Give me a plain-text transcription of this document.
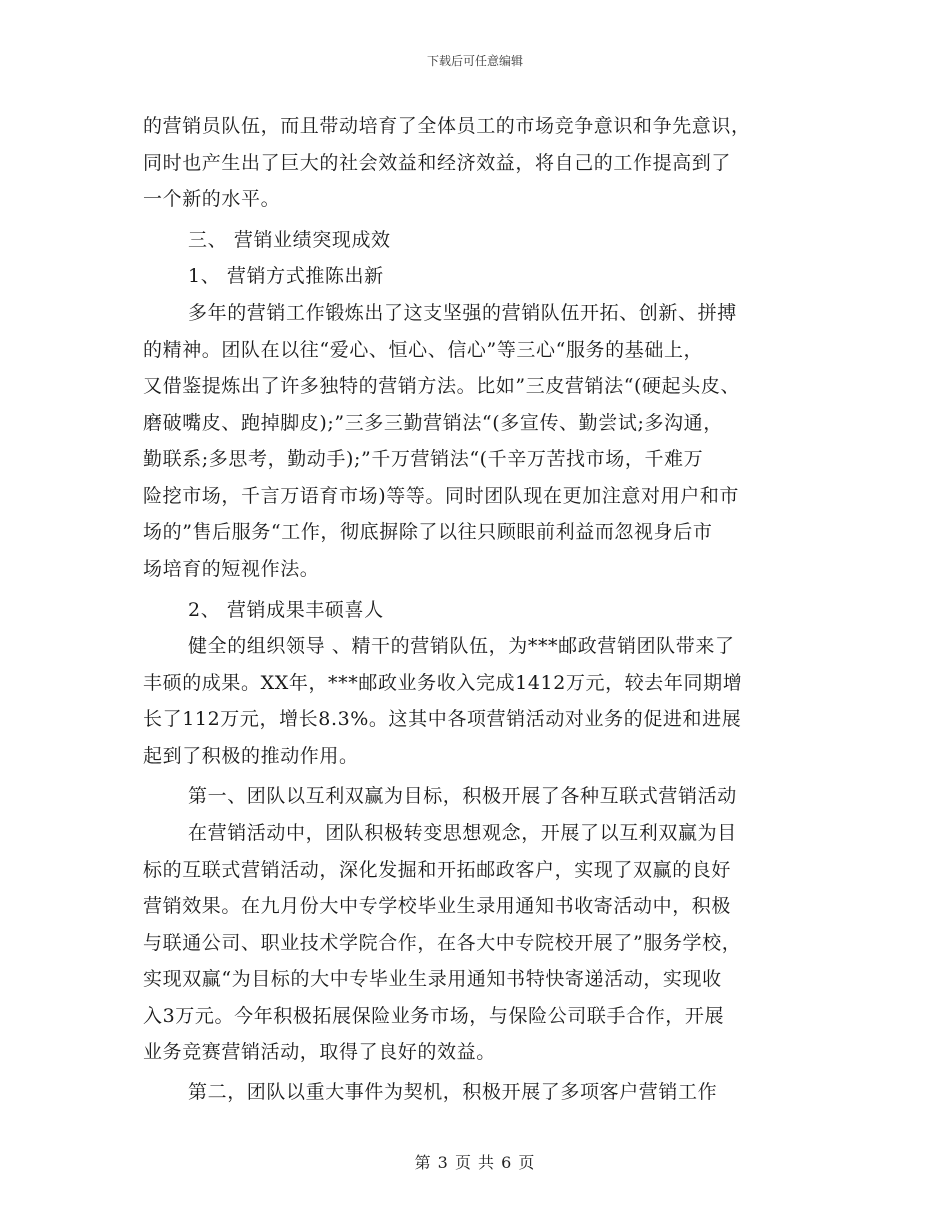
下载后可任意编辑
的营销员队伍，而且带动培育了全体员工的市场竞争意识和争先意识，
同时也产生出了巨大的社会效益和经济效益，将自己的工作提高到了
一个新的水平。
三、 营销业绩突现成效
1、 营销方式推陈出新
多年的营销工作锻炼出了这支坚强的营销队伍开拓、创新、拼搏
的精神。团队在以往“爱心、恒心、信心”等三心“服务的基础上，
又借鉴提炼出了许多独特的营销方法。比如”三皮营销法“(硬起头皮、
磨破嘴皮、跑掉脚皮);”三多三勤营销法“(多宣传、勤尝试;多沟通，
勤联系;多思考，勤动手);”千万营销法“(千辛万苦找市场，千难万
险挖市场，千言万语育市场)等等。同时团队现在更加注意对用户和市
场的”售后服务“工作，彻底摒除了以往只顾眼前利益而忽视身后市
场培育的短视作法。
2、 营销成果丰硕喜人
健全的组织领导 、精干的营销队伍，为***邮政营销团队带来了
丰硕的成果。XX年，***邮政业务收入完成1412万元，较去年同期增
长了112万元，增长8.3%。这其中各项营销活动对业务的促进和进展
起到了积极的推动作用。
第一、团队以互利双赢为目标，积极开展了各种互联式营销活动
在营销活动中，团队积极转变思想观念，开展了以互利双赢为目
标的互联式营销活动，深化发掘和开拓邮政客户，实现了双赢的良好
营销效果。在九月份大中专学校毕业生录用通知书收寄活动中，积极
与联通公司、职业技术学院合作，在各大中专院校开展了”服务学校，
实现双赢“为目标的大中专毕业生录用通知书特快寄递活动，实现收
入3万元。今年积极拓展保险业务市场，与保险公司联手合作，开展
业务竞赛营销活动，取得了良好的效益。
第二，团队以重大事件为契机，积极开展了多项客户营销工作
第 3 页 共 6 页
